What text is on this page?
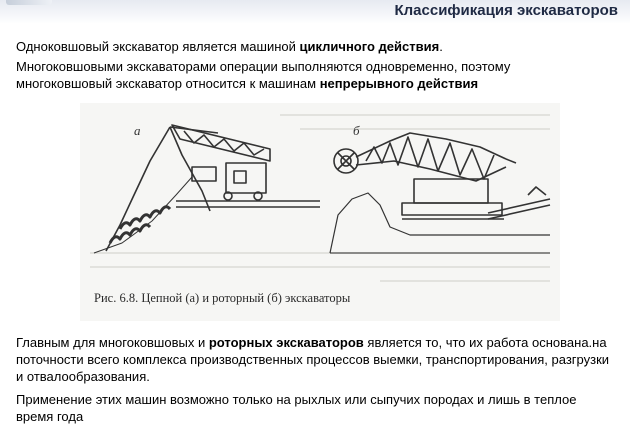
Классификация экскаваторов
Одноковшовый экскаватор является машиной цикличного действия.
Многоковшовыми экскаваторами операции выполняются одновременно, поэтому многоковшовый экскаватор относится к машинам непрерывного действия
а	б
Рис. 6.8. Цепной (а) и роторный (б) экскаваторы
Главным для многоковшовых и роторных экскаваторов является то, что их работа основана.на поточности всего комплекса производственных процессов выемки, транспортирования, разгрузки и отвалообразования.
Применение этих машин возможно только на рыхлых или сыпучих породах и лишь в теплое время года
